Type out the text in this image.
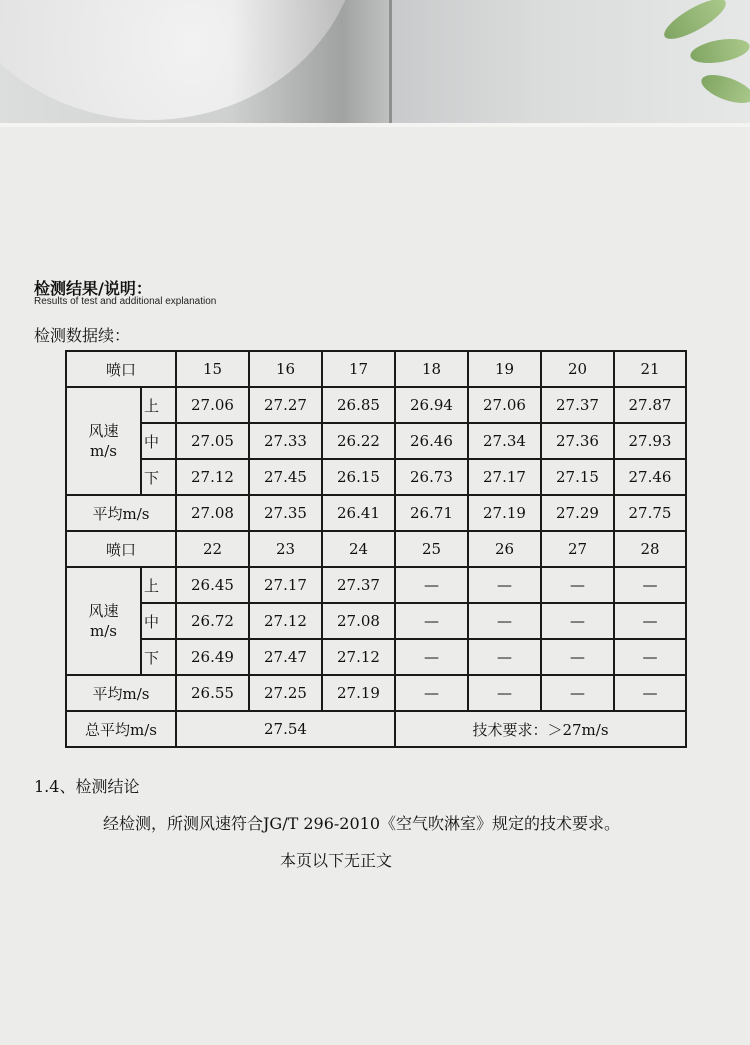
检测结果/说明：
Results of test and additional explanation
检测数据续：
喷口		15	16	17	18	19	20	21

风速
m/s	上	27.06	27.27	26.85	26.94	27.06	27.37	27.87
	中	27.05	27.33	26.22	26.46	27.34	27.36	27.93
	下	27.12	27.45	26.15	26.73	27.17	27.15	27.46
平均m/s		27.08	27.35	26.41	26.71	27.19	27.29	27.75
喷口		22	23	24	25	26	27	28

风速
m/s	上	26.45	27.17	27.37	—	—	—	—
	中	26.72	27.12	27.08	—	—	—	—
	下	26.49	27.47	27.12	—	—	—	—
平均m/s		26.55	27.25	27.19	—	—	—	—
总平均m/s		27.54			技术要求：＞27m/s			
1.4、检测结论
经检测，所测风速符合JG/T 296-2010《空气吹淋室》规定的技术要求。
本页以下无正文
